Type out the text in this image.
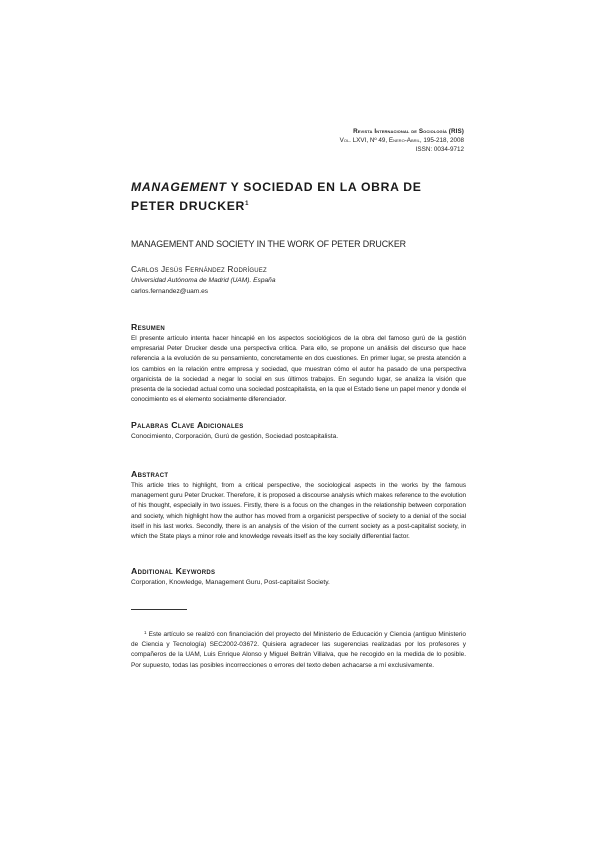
Revista Internacional de Sociología (RIS)
Vol. LXVI, Nº 49, Enero-Abril, 195-218, 2008
ISSN: 0034-9712
MANAGEMENT Y SOCIEDAD EN LA OBRA DE PETER DRUCKER$^1$
MANAGEMENT AND SOCIETY IN THE WORK OF PETER DRUCKER
Carlos Jesús Fernández Rodríguez
Universidad Autónoma de Madrid (UAM). España
carlos.fernandez@uam.es
Resumen

El presente artículo intenta hacer hincapié en los aspectos sociológicos de la obra del famoso gurú de la gestión empresarial Peter Drucker desde una perspectiva crítica. Para ello, se propone un análisis del discurso que hace referencia a la evolución de su pensamiento, concretamente en dos cuestiones. En primer lugar, se presta atención a los cambios en la relación entre empresa y sociedad, que muestran cómo el autor ha pasado de una perspectiva organicista de la sociedad a negar lo social en sus últimos trabajos. En segundo lugar, se analiza la visión que presenta de la sociedad actual como una sociedad postcapitalista, en la que el Estado tiene un papel menor y donde el conocimiento es el elemento socialmente diferenciador.

Palabras Clave Adicionales

Conocimiento, Corporación, Gurú de gestión, Sociedad postcapitalista.

Abstract

This article tries to highlight, from a critical perspective, the sociological aspects in the works by the famous management guru Peter Drucker. Therefore, it is proposed a discourse analysis which makes reference to the evolution of his thought, especially in two issues. Firstly, there is a focus on the changes in the relationship between corporation and society, which highlight how the author has moved from a organicist perspective of society to a denial of the social itself in his last works. Secondly, there is an analysis of the vision of the current society as a post-capitalist society, in which the State plays a minor role and knowledge reveals itself as the key socially differential factor.

Additional Keywords

Corporation, Knowledge, Management Guru, Post-capitalist Society.

$^1$ Este artículo se realizó con financiación del proyecto del Ministerio de Educación y Ciencia (antiguo Ministerio de Ciencia y Tecnología) SEC2002-03672. Quisiera agradecer las sugerencias realizadas por los profesores y compañeros de la UAM, Luis Enrique Alonso y Miguel Beltrán Villalva, que he recogido en la medida de lo posible. Por supuesto, todas las posibles incorrecciones o errores del texto deben achacarse a mí exclusivamente.
